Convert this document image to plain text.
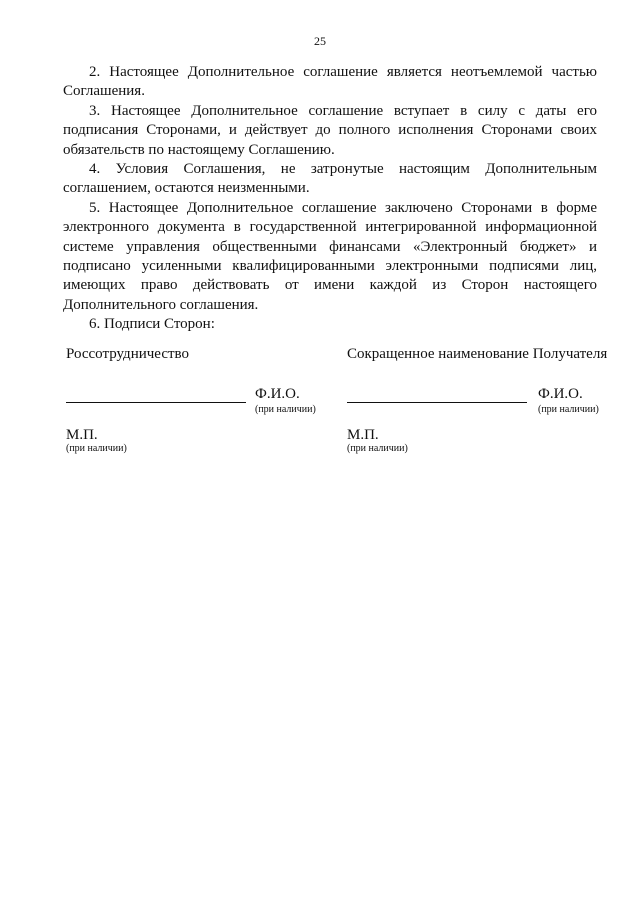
25

2. Настоящее Дополнительное соглашение является неотъемлемой частью Соглашения.

3. Настоящее Дополнительное соглашение вступает в силу с даты его подписания Сторонами, и действует до полного исполнения Сторонами своих обязательств по настоящему Соглашению.

4. Условия Соглашения, не затронутые настоящим Дополнительным соглашением, остаются неизменными.

5. Настоящее Дополнительное соглашение заключено Сторонами в форме электронного документа в государственной интегрированной информационной системе управления общественными финансами «Электронный бюджет» и подписано усиленными квалифицированными электронными подписями лиц, имеющих право действовать от имени каждой из Сторон настоящего Дополнительного соглашения.

6. Подписи Сторон:

Россотрудничество
Ф.И.О.
(при наличии)
М.П.
(при наличии)
Сокращенное наименование Получателя
Ф.И.О.
(при наличии)
М.П.
(при наличии)
